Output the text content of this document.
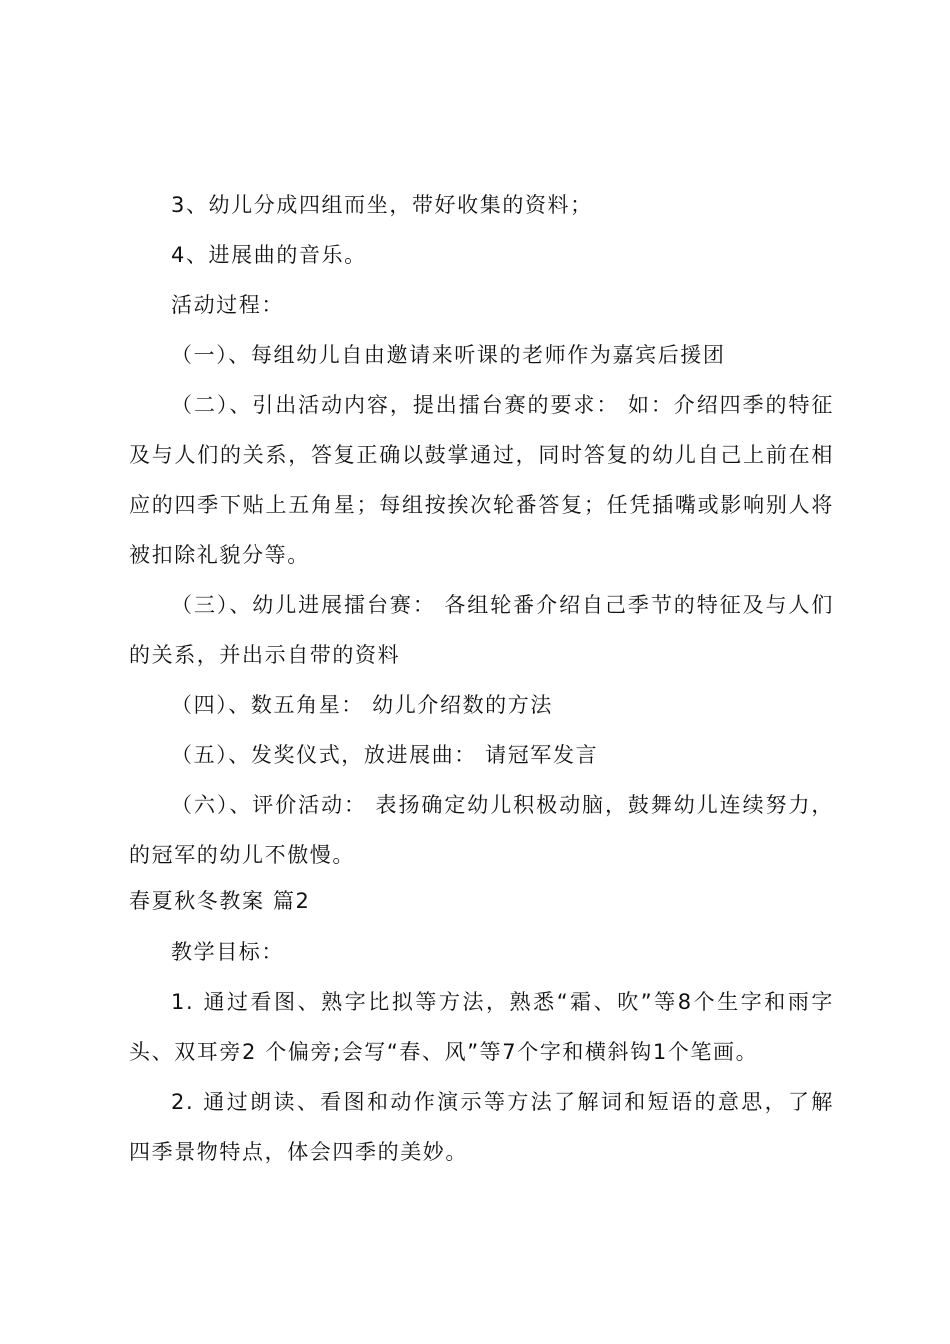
3、幼儿分成四组而坐，带好收集的资料；

4、进展曲的音乐。

活动过程：

（一）、每组幼儿自由邀请来听课的老师作为嘉宾后援团

（二）、引出活动内容，提出擂台赛的要求： 如：介绍四季的特征及与人们的关系，答复正确以鼓掌通过，同时答复的幼儿自己上前在相应的四季下贴上五角星；每组按挨次轮番答复；任凭插嘴或影响别人将被扣除礼貌分等。

（三）、幼儿进展擂台赛： 各组轮番介绍自己季节的特征及与人们的关系，并出示自带的资料

（四）、数五角星： 幼儿介绍数的方法

（五）、发奖仪式，放进展曲： 请冠军发言

（六）、评价活动： 表扬确定幼儿积极动脑，鼓舞幼儿连续努力，的冠军的幼儿不傲慢。

春夏秋冬教案 篇2

教学目标：

1. 通过看图、熟字比拟等方法，熟悉“霜、吹”等8个生字和雨字头、双耳旁2 个偏旁;会写“春、风”等7个字和横斜钩1个笔画。

2. 通过朗读、看图和动作演示等方法了解词和短语的意思，了解四季景物特点，体会四季的美妙。
